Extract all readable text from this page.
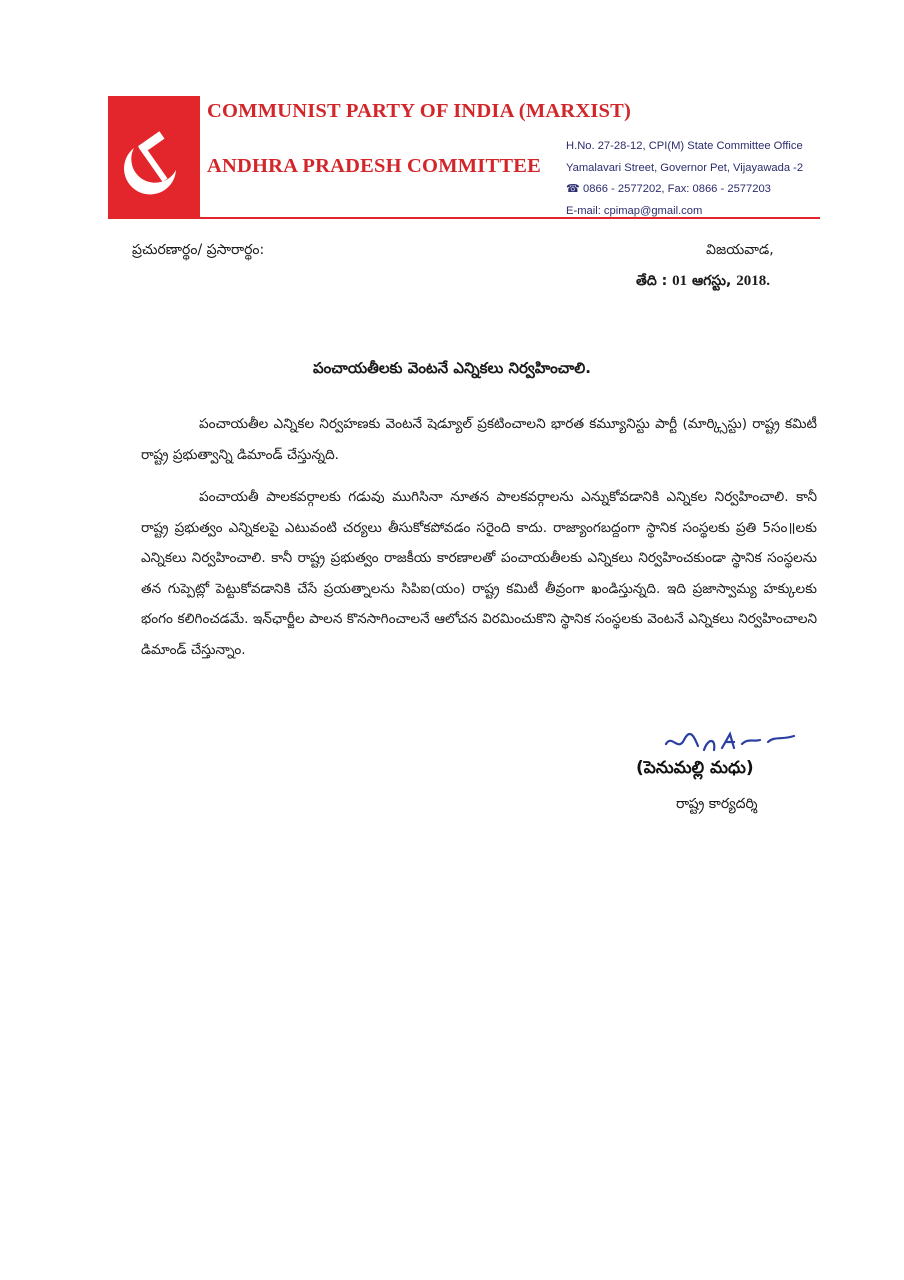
COMMUNIST PARTY OF INDIA (MARXIST)
ANDHRA PRADESH COMMITTEE
H.No. 27-28-12, CPI(M) State Committee Office
Yamalavari Street, Governor Pet, Vijayawada -2
☎ 0866 - 2577202, Fax: 0866 - 2577203
E-mail: cpimap@gmail.com
ప్రచురణార్థం/ ప్రసారార్థం:	విజయవాడ,
తేది : 01 ఆగస్టు, 2018.
పంచాయతీలకు వెంటనే ఎన్నికలు నిర్వహించాలి.
పంచాయతీల ఎన్నికల నిర్వహణకు వెంటనే షెడ్యూల్‌ ప్రకటించాలని భారత కమ్యూనిస్టు పార్టీ (మార్క్సిస్టు) రాష్ట్ర కమిటీ రాష్ట్ర ప్రభుత్వాన్ని డిమాండ్‌ చేస్తున్నది.
పంచాయతీ పాలకవర్గాలకు గడువు ముగిసినా నూతన పాలకవర్గాలను ఎన్నుకోవడానికి ఎన్నికల నిర్వహించాలి. కానీ రాష్ట్ర ప్రభుత్వం ఎన్నికలపై ఎటువంటి చర్యలు తీసుకోకపోవడం సరైంది కాదు. రాజ్యాంగబద్దంగా స్థానిక సంస్థలకు ప్రతి 5సం॥లకు ఎన్నికలు నిర్వహించాలి. కానీ రాష్ట్ర ప్రభుత్వం రాజకీయ కారణాలతో పంచాయతీలకు ఎన్నికలు నిర్వహించకుండా స్థానిక సంస్థలను తన గుప్పెట్లో పెట్టుకోవడానికి చేసే ప్రయత్నాలను సిపిఐ(యం) రాష్ట్ర కమిటీ తీవ్రంగా ఖండిస్తున్నది. ఇది ప్రజాస్వామ్య హక్కులకు భంగం కలిగించడమే. ఇన్‌ఛార్జీల పాలన కొనసాగించాలనే ఆలోచన విరమించుకొని స్థానిక సంస్థలకు వెంటనే ఎన్నికలు నిర్వహించాలని డిమాండ్‌ చేస్తున్నాం.
(పెనుమల్లి మధు)
రాష్ట్ర కార్యదర్శి
